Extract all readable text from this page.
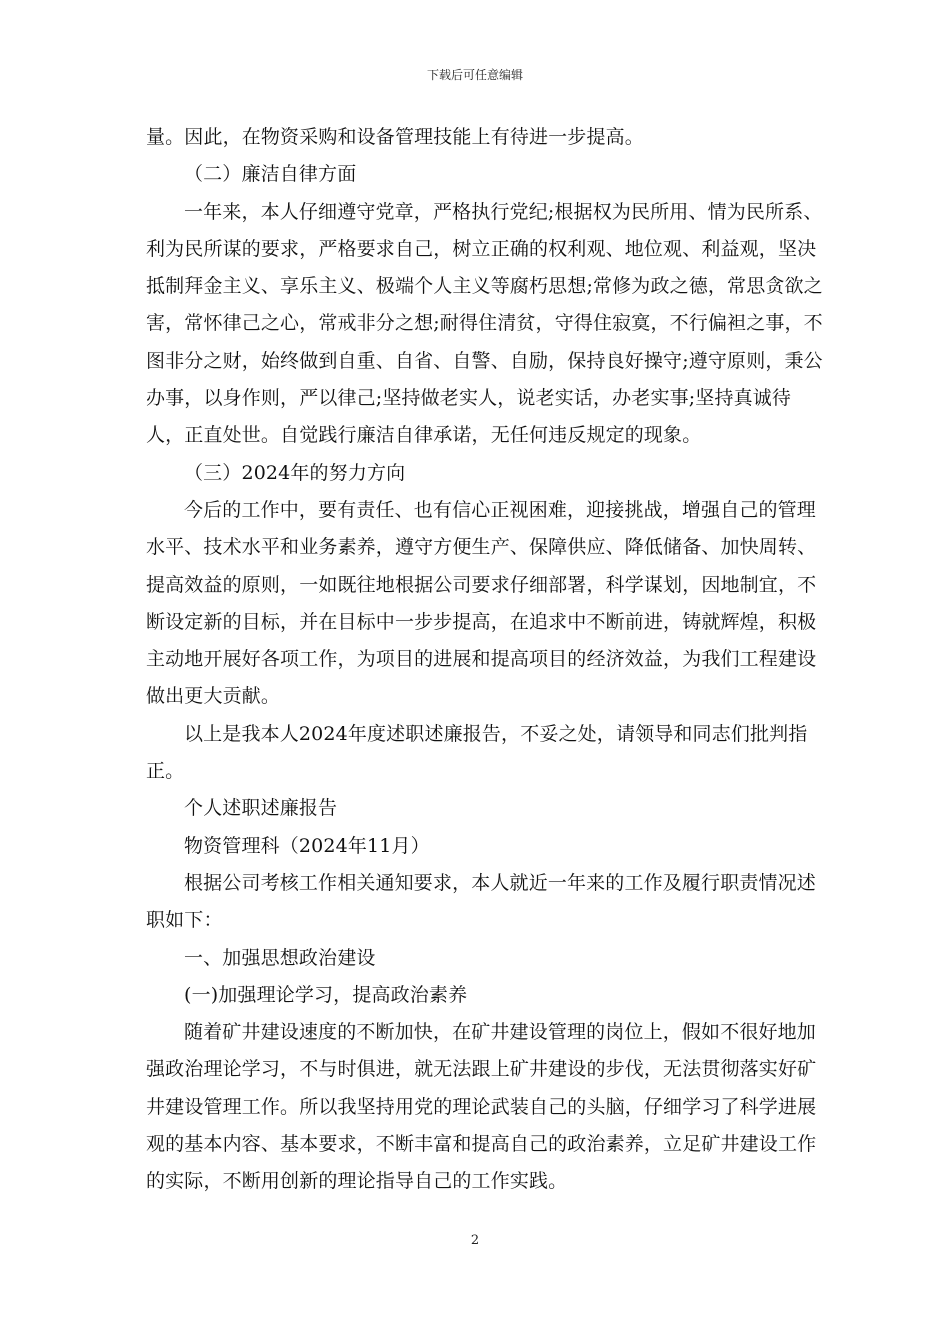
下载后可任意编辑

量。因此，在物资采购和设备管理技能上有待进一步提高。

（二）廉洁自律方面

一年来，本人仔细遵守党章，严格执行党纪;根据权为民所用、情为民所系、利为民所谋的要求，严格要求自己，树立正确的权利观、地位观、利益观，坚决抵制拜金主义、享乐主义、极端个人主义等腐朽思想;常修为政之德，常思贪欲之害，常怀律己之心，常戒非分之想;耐得住清贫，守得住寂寞，不行偏袒之事，不图非分之财，始终做到自重、自省、自警、自励，保持良好操守;遵守原则，秉公办事，以身作则，严以律己;坚持做老实人，说老实话，办老实事;坚持真诚待人，正直处世。自觉践行廉洁自律承诺，无任何违反规定的现象。

（三）2024年的努力方向

今后的工作中，要有责任、也有信心正视困难，迎接挑战，增强自己的管理水平、技术水平和业务素养，遵守方便生产、保障供应、降低储备、加快周转、提高效益的原则，一如既往地根据公司要求仔细部署，科学谋划，因地制宜，不断设定新的目标，并在目标中一步步提高，在追求中不断前进，铸就辉煌，积极主动地开展好各项工作，为项目的进展和提高项目的经济效益，为我们工程建设做出更大贡献。

以上是我本人2024年度述职述廉报告，不妥之处，请领导和同志们批判指正。

个人述职述廉报告

物资管理科（2024年11月）

根据公司考核工作相关通知要求，本人就近一年来的工作及履行职责情况述职如下：

一、加强思想政治建设

(一)加强理论学习，提高政治素养

随着矿井建设速度的不断加快，在矿井建设管理的岗位上，假如不很好地加强政治理论学习，不与时俱进，就无法跟上矿井建设的步伐，无法贯彻落实好矿井建设管理工作。所以我坚持用党的理论武装自己的头脑，仔细学习了科学进展观的基本内容、基本要求，不断丰富和提高自己的政治素养，立足矿井建设工作的实际，不断用创新的理论指导自己的工作实践。

2
